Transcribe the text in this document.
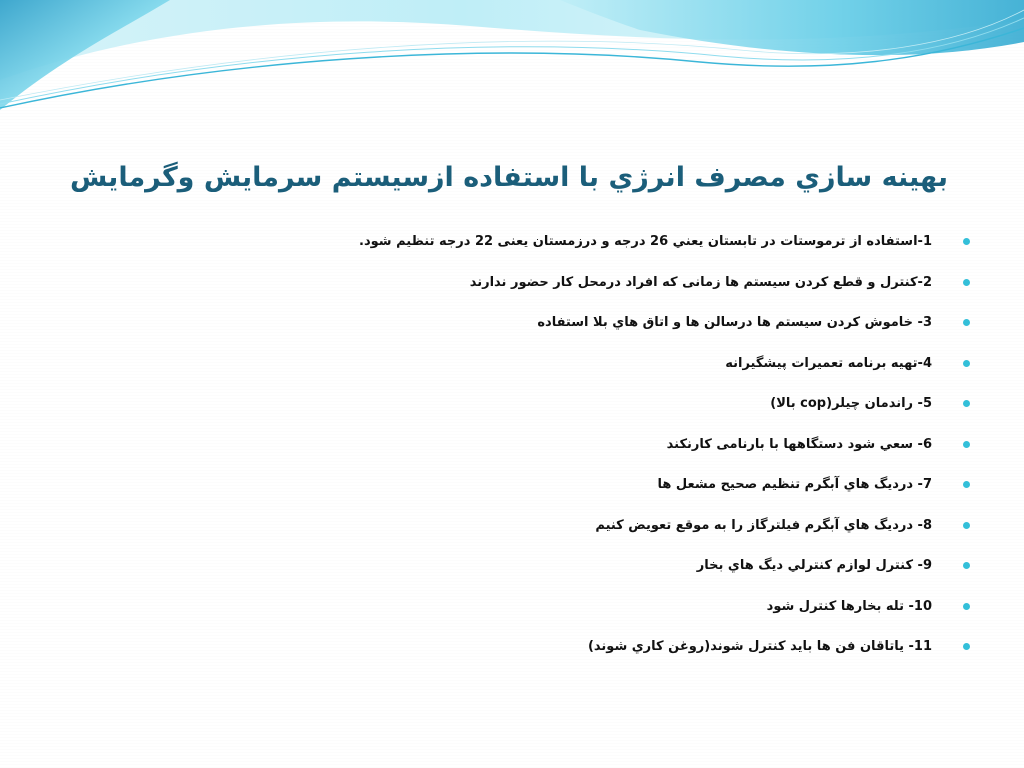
بهینه سازي مصرف انرژي با استفاده ازسیستم سرمایش وگرمایش
1-استفاده از ترموستات در تابستان یعني 26 درجه و درزمستان یعنی 22 درجه تنظیم شود.
2-کنترل و قطع کردن سیستم ها زمانی که افراد درمحل کار حضور ندارند
3- خاموش کردن سیستم ها درسالن ها و اتاق هاي بلا استفاده
4-تهیه برنامه تعمیرات پیشگیرانه
5- راندمان چیلر(cop بالا)
6- سعي شود دستگاهها با بارنامی کارنکند
7- دردیگ هاي آبگرم تنظیم صحیح مشعل ها
8- دردیگ هاي آبگرم فیلترگاز را به موقع تعویض کنیم
9- کنترل لوازم کنترلي دیگ هاي بخار
10- تله بخارها کنترل شود
11- یاتاقان فن ها باید کنترل شوند(روغن کاري شوند)
